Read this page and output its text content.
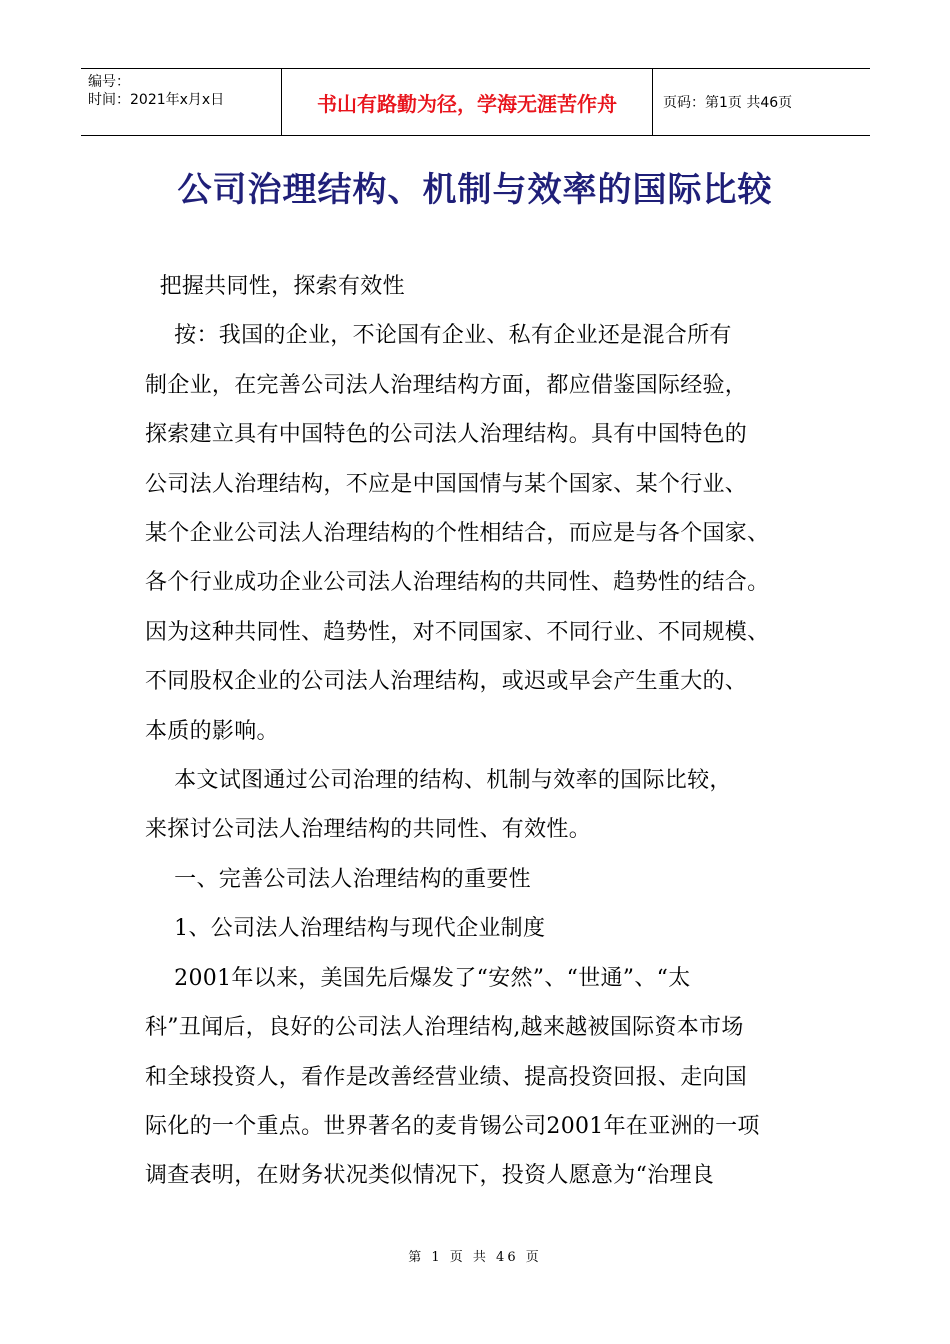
编号：
时间：2021年x月x日	书山有路勤为径，学海无涯苦作舟	页码：第1页 共46页
公司治理结构、机制与效率的国际比较

把握共同性，探索有效性

按：我国的企业，不论国有企业、私有企业还是混合所有

制企业，在完善公司法人治理结构方面，都应借鉴国际经验，

探索建立具有中国特色的公司法人治理结构。具有中国特色的

公司法人治理结构，不应是中国国情与某个国家、某个行业、

某个企业公司法人治理结构的个性相结合，而应是与各个国家、

各个行业成功企业公司法人治理结构的共同性、趋势性的结合。

因为这种共同性、趋势性，对不同国家、不同行业、不同规模、

不同股权企业的公司法人治理结构，或迟或早会产生重大的、

本质的影响。

本文试图通过公司治理的结构、机制与效率的国际比较，

来探讨公司法人治理结构的共同性、有效性。

一、完善公司法人治理结构的重要性

1、公司法人治理结构与现代企业制度

2001年以来，美国先后爆发了“安然”、“世通”、“太

科”丑闻后，良好的公司法人治理结构,越来越被国际资本市场

和全球投资人，看作是改善经营业绩、提高投资回报、走向国

际化的一个重点。世界著名的麦肯锡公司2001年在亚洲的一项

调查表明，在财务状况类似情况下，投资人愿意为“治理良

第 1 页 共 46 页
